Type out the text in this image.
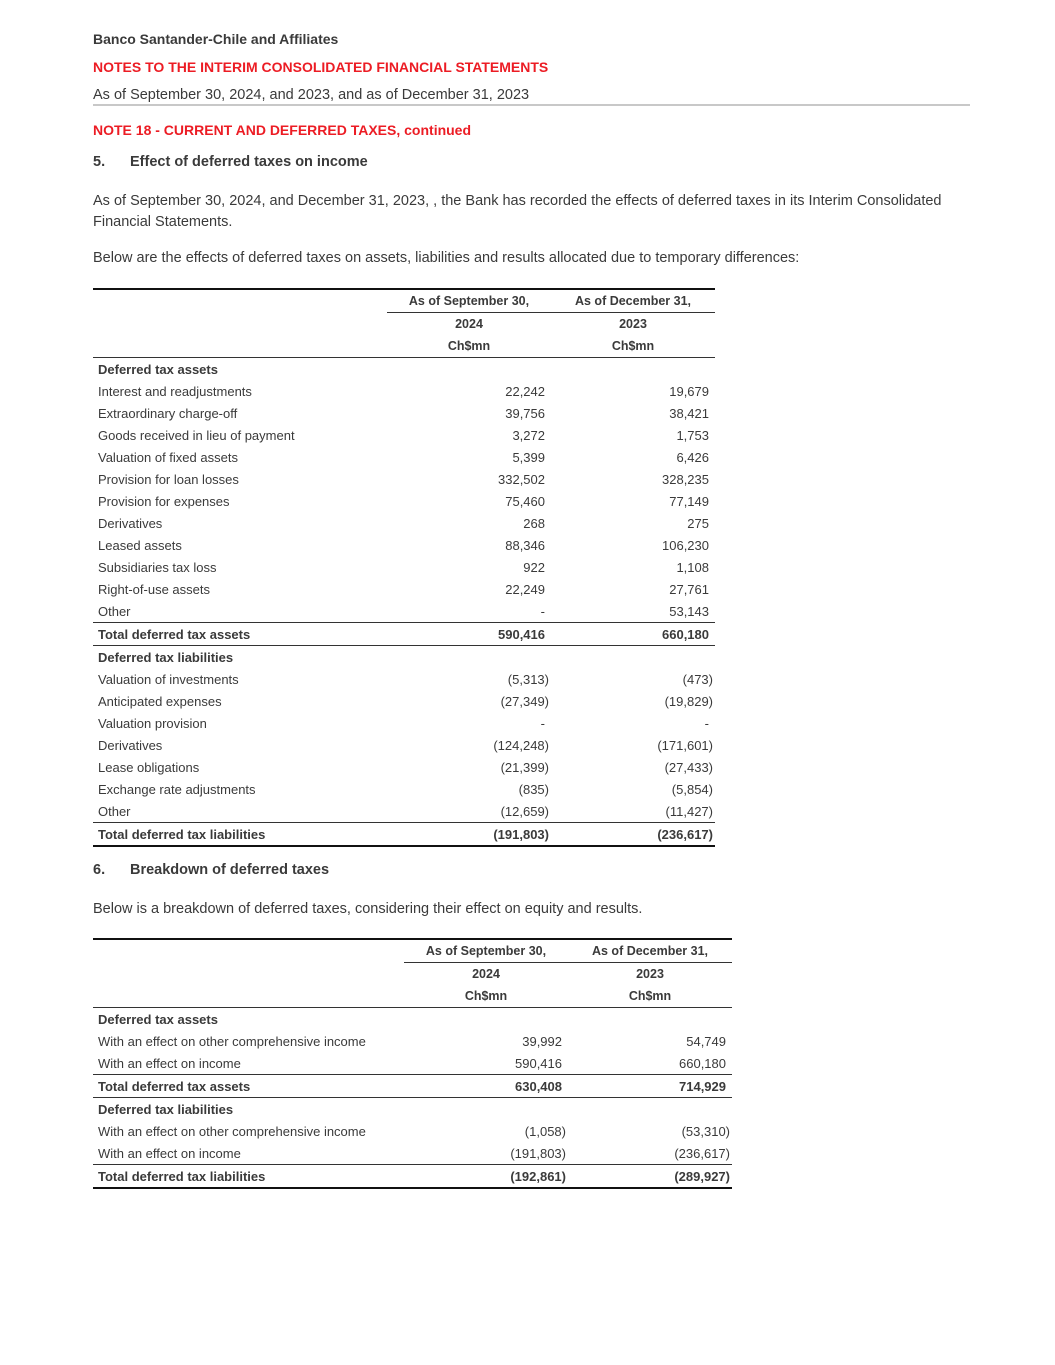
Banco Santander-Chile and Affiliates
NOTES TO THE INTERIM CONSOLIDATED FINANCIAL STATEMENTS
As of September 30, 2024, and 2023, and as of December 31, 2023
NOTE 18 - CURRENT AND DEFERRED TAXES, continued
5. Effect of deferred taxes on income
As of September 30, 2024, and December 31, 2023, , the Bank has recorded the effects of deferred taxes in its Interim Consolidated Financial Statements.
Below are the effects of deferred taxes on assets, liabilities and results allocated due to temporary differences:
	As of September 30,	As of December 31,
	2024	2023
	Ch$mn	Ch$mn
Deferred tax assets		
Interest and readjustments	22,242	19,679
Extraordinary charge-off	39,756	38,421
Goods received in lieu of payment	3,272	1,753
Valuation of fixed assets	5,399	6,426
Provision for loan losses	332,502	328,235
Provision for expenses	75,460	77,149
Derivatives	268	275
Leased assets	88,346	106,230
Subsidiaries tax loss	922	1,108
Right-of-use assets	22,249	27,761
Other	-	53,143
Total deferred tax assets	590,416	660,180
Deferred tax liabilities		
Valuation of investments	(5,313)	(473)
Anticipated expenses	(27,349)	(19,829)
Valuation provision	-	-
Derivatives	(124,248)	(171,601)
Lease obligations	(21,399)	(27,433)
Exchange rate adjustments	(835)	(5,854)
Other	(12,659)	(11,427)
Total deferred tax liabilities	(191,803)	(236,617)
6. Breakdown of deferred taxes
Below is a breakdown of deferred taxes, considering their effect on equity and results.
	As of September 30,	As of December 31,
	2024	2023
	Ch$mn	Ch$mn
Deferred tax assets		
With an effect on other comprehensive income	39,992	54,749
With an effect on income	590,416	660,180
Total deferred tax assets	630,408	714,929
Deferred tax liabilities		
With an effect on other comprehensive income	(1,058)	(53,310)
With an effect on income	(191,803)	(236,617)
Total deferred tax liabilities	(192,861)	(289,927)
